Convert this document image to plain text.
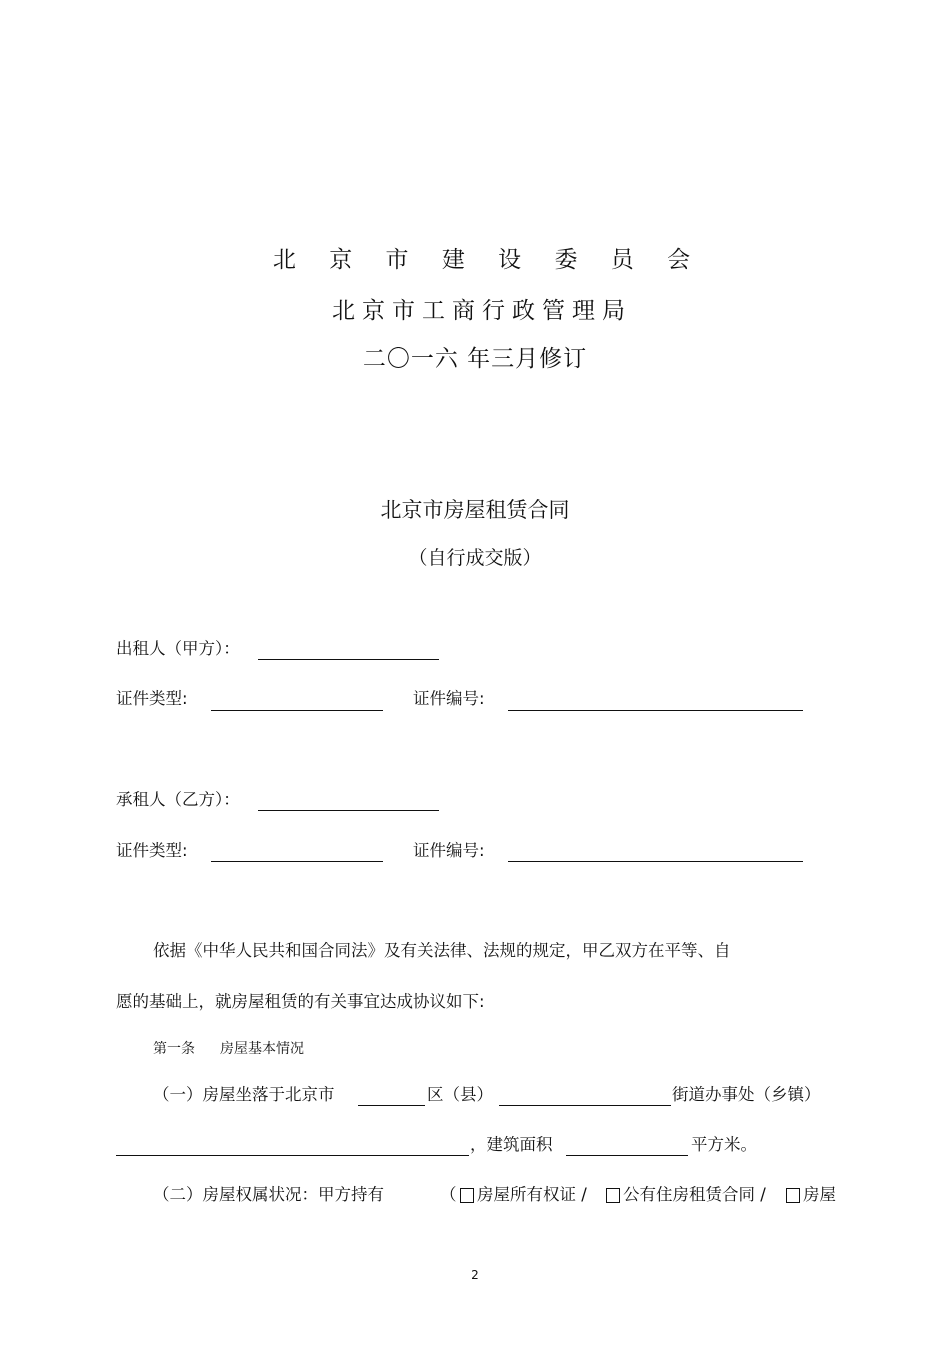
北 京 市 建 设 委 员 会

北京市工商行政管理局

二〇一六 年三月修订

北京市房屋租赁合同

（自行成交版）

出租人（甲方）：

证件类型:	证件编号:

承租人（乙方）：

证件类型:	证件编号:

依据《中华人民共和国合同法》及有关法律、法规的规定，甲乙双方在平等、自

愿的基础上，就房屋租赁的有关事宜达成协议如下:

第一条 房屋基本情况

（一）房屋坐落于北京市	区（县）	街道办事处（乡镇）

，建筑面积	平方米。

（二）房屋权属状况：甲方持有	（ 房屋所有权证 / 公有住房租赁合同 / 房屋

2
